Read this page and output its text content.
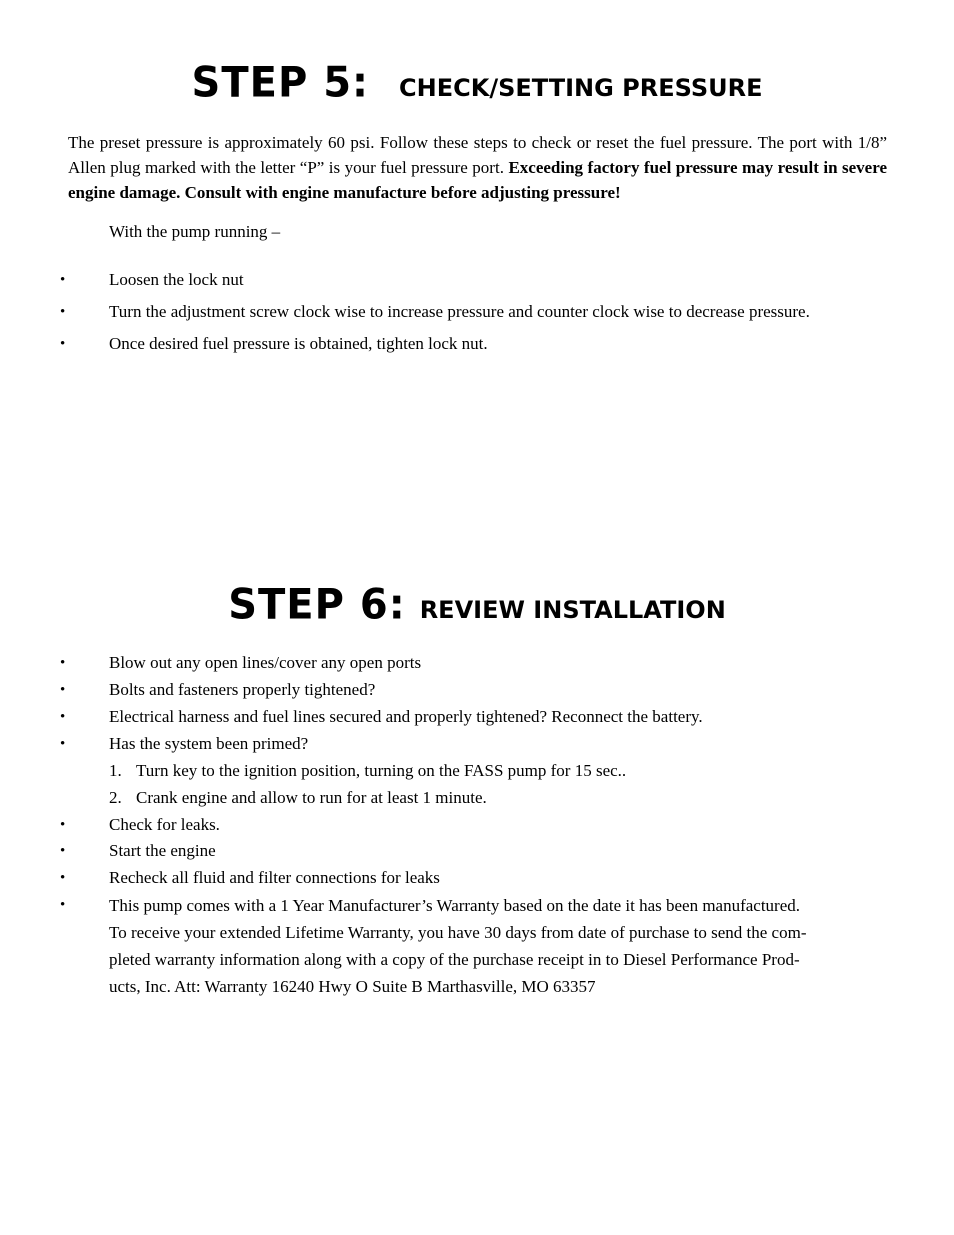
STEP 5: CHECK/SETTING PRESSURE
The preset pressure is approximately 60 psi. Follow these steps to check or reset the fuel pressure. The port with 1/8” Allen plug marked with the letter “P” is your fuel pressure port. Exceeding factory fuel pressure may result in severe engine damage. Consult with engine manufacture before adjusting pressure!
With the pump running –
•	Loosen the lock nut
•	Turn the adjustment screw clock wise to increase pressure and counter clock wise to decrease pressure.
•	Once desired fuel pressure is obtained, tighten lock nut.
STEP 6: REVIEW INSTALLATION
•	Blow out any open lines/cover any open ports
•	Bolts and fasteners properly tightened?
•	Electrical harness and fuel lines secured and properly tightened? Reconnect the battery.
•	Has the system been primed?
1. Turn key to the ignition position, turning on the FASS pump for 15 sec..
2. Crank engine and allow to run for at least 1 minute.
•	Check for leaks.
•	Start the engine
•	Recheck all fluid and filter connections for leaks
•	This pump comes with a 1 Year Manufacturer’s Warranty based on the date it has been manufactured.
To receive your extended Lifetime Warranty, you have 30 days from date of purchase to send the com-
pleted warranty information along with a copy of the purchase receipt in to Diesel Performance Prod-
ucts, Inc. Att: Warranty 16240 Hwy O Suite B Marthasville, MO 63357
